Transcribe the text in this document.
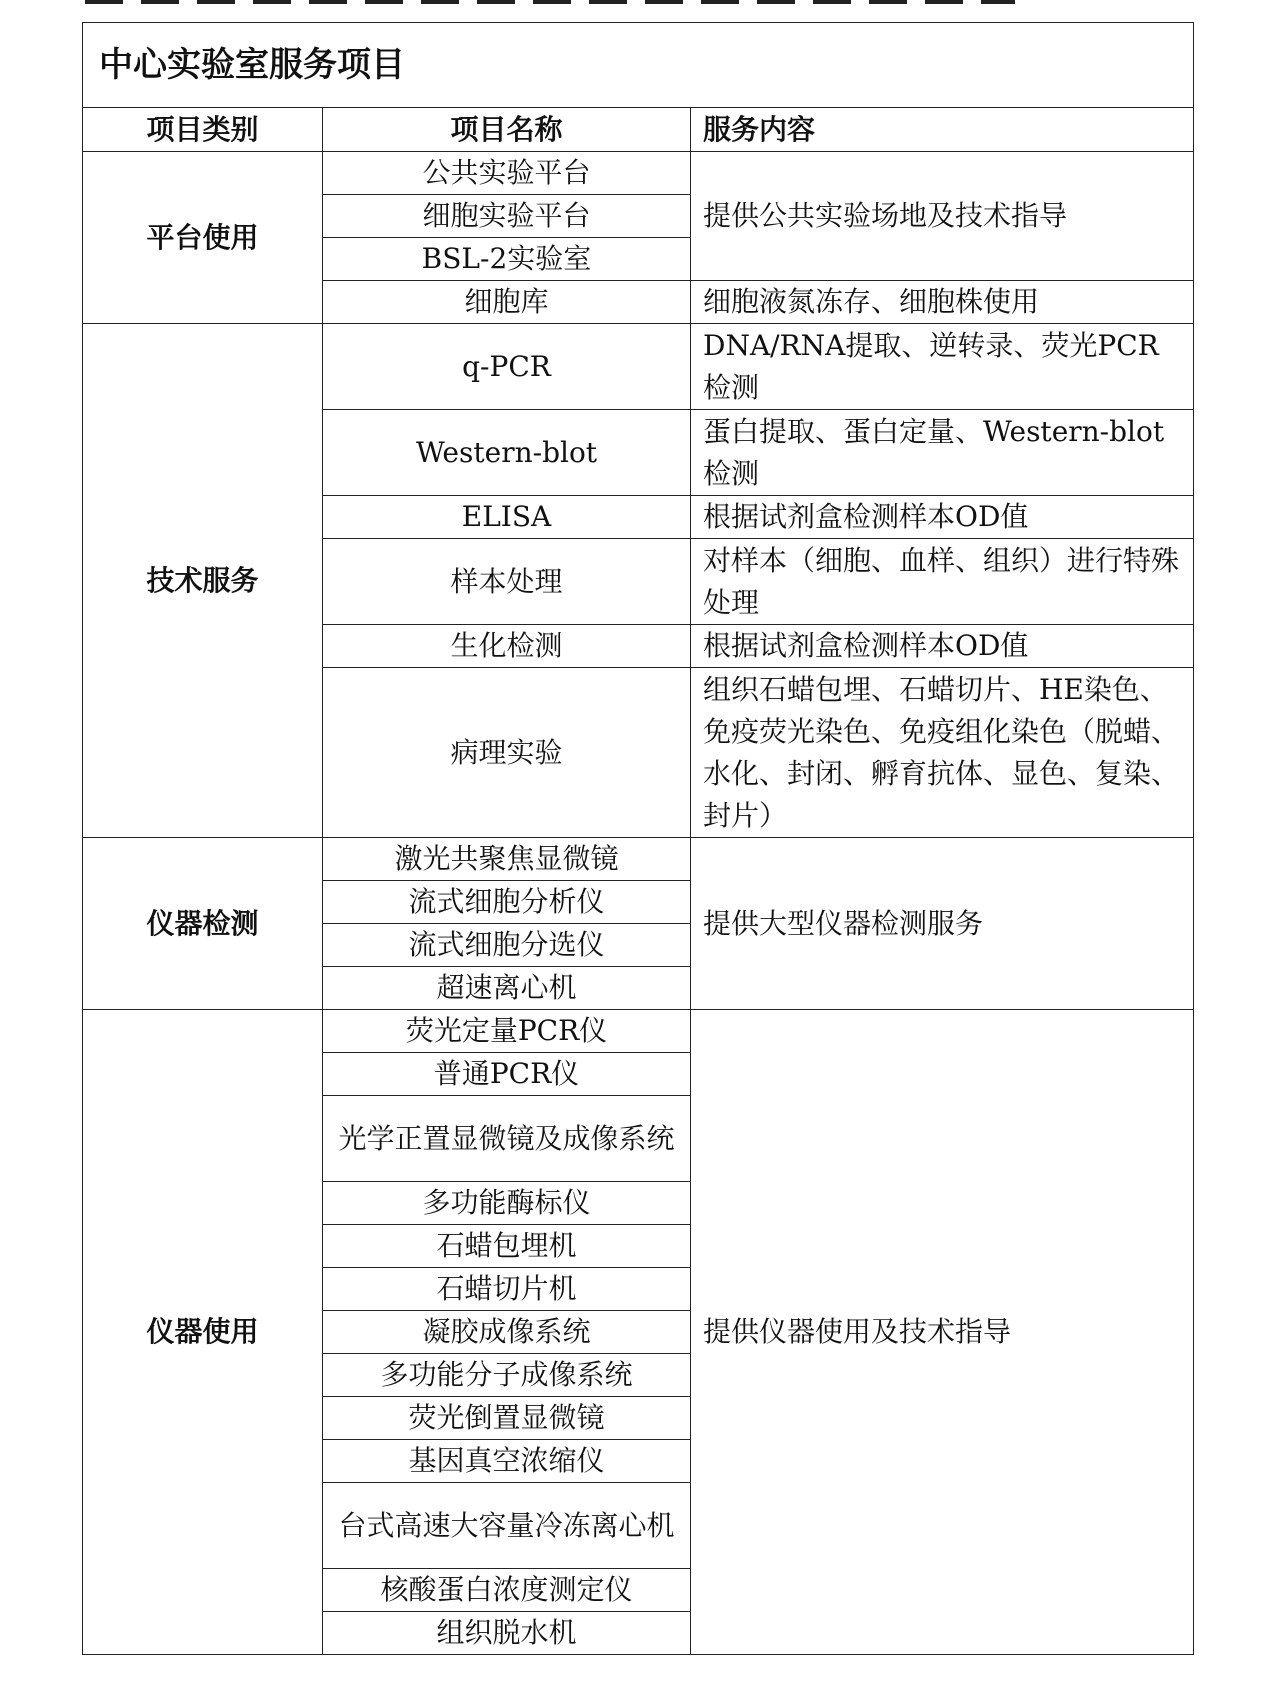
中心实验室服务项目		
项目类别	项目名称	服务内容
平台使用	公共实验平台	提供公共实验场地及技术指导
	细胞实验平台	
	BSL-2实验室	
	细胞库	细胞液氮冻存、细胞株使用
技术服务	q-PCR	DNA/RNA提取、逆转录、荧光PCR检测
	Western-blot	蛋白提取、蛋白定量、Western-blot检测
	ELISA	根据试剂盒检测样本OD值
	样本处理	对样本（细胞、血样、组织）进行特殊处理
	生化检测	根据试剂盒检测样本OD值
	病理实验	组织石蜡包埋、石蜡切片、HE染色、免疫荧光染色、免疫组化染色（脱蜡、水化、封闭、孵育抗体、显色、复染、封片）
仪器检测	激光共聚焦显微镜	提供大型仪器检测服务
	流式细胞分析仪	
	流式细胞分选仪	
	超速离心机	
仪器使用	荧光定量PCR仪	提供仪器使用及技术指导
	普通PCR仪	
	光学正置显微镜及成像系统	
	多功能酶标仪	
	石蜡包埋机	
	石蜡切片机	
	凝胶成像系统	
	多功能分子成像系统	
	荧光倒置显微镜	
	基因真空浓缩仪	
	台式高速大容量冷冻离心机	
	核酸蛋白浓度测定仪	
	组织脱水机	
